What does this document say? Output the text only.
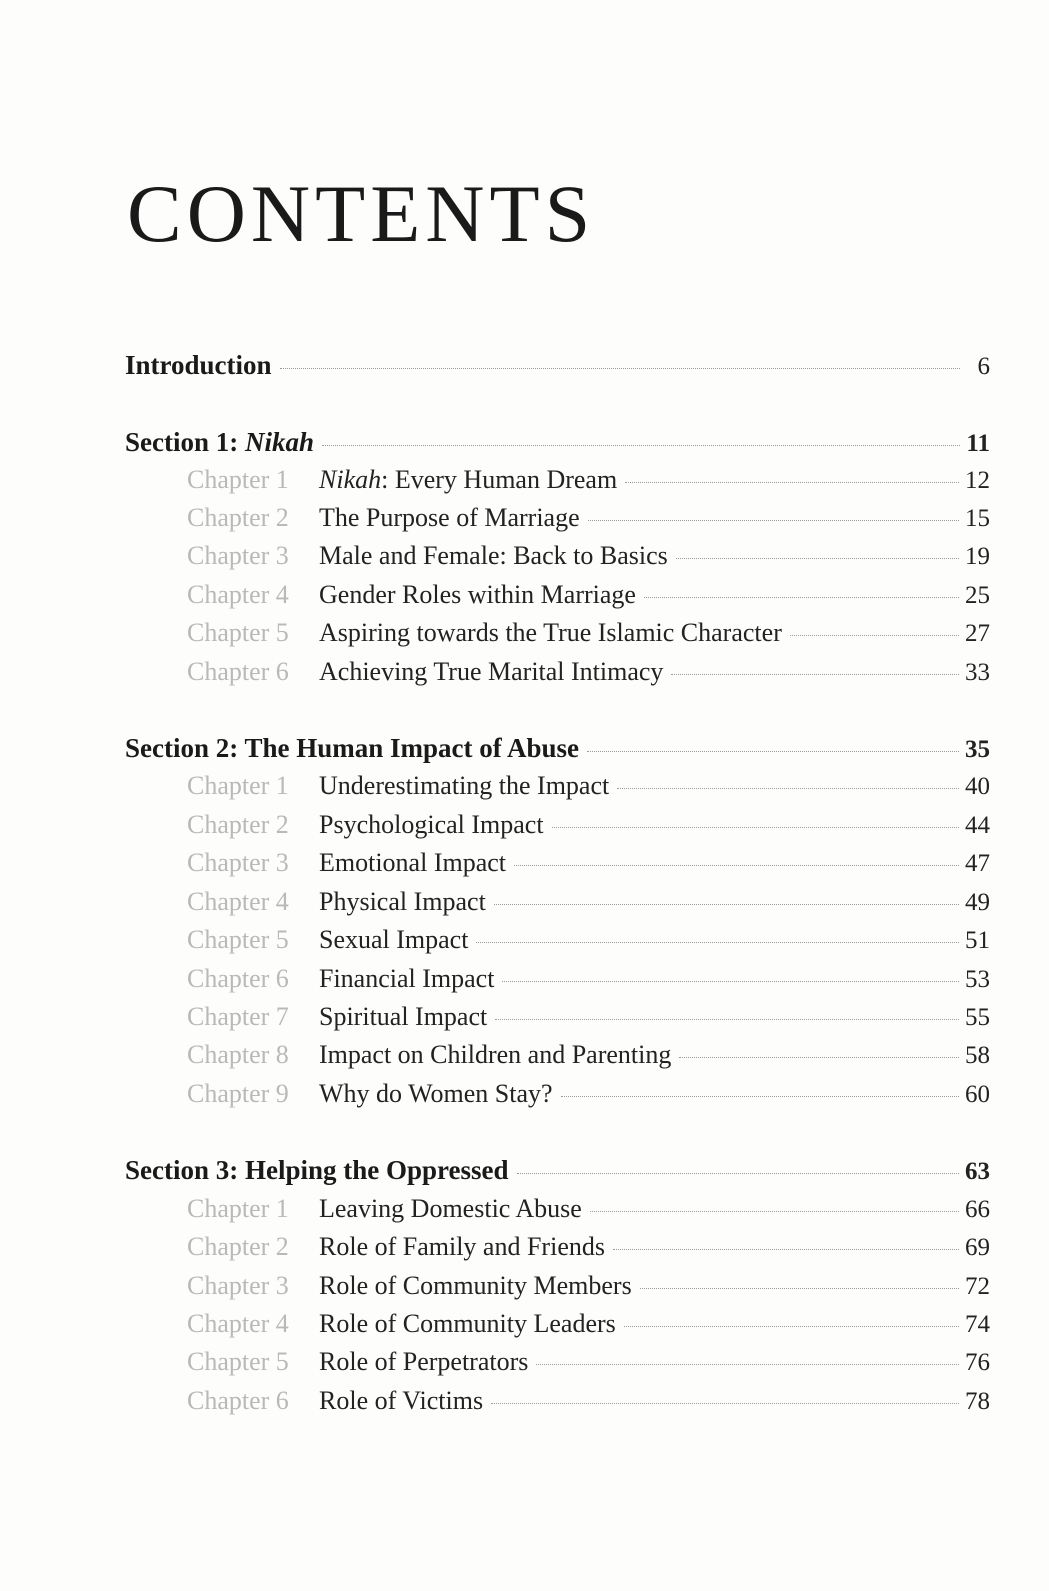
CONTENTS
Introduction	6
Section 1: Nikah	11
Chapter 1	Nikah: Every Human Dream	12
Chapter 2	The Purpose of Marriage	15
Chapter 3	Male and Female: Back to Basics	19
Chapter 4	Gender Roles within Marriage	25
Chapter 5	Aspiring towards the True Islamic Character	27
Chapter 6	Achieving True Marital Intimacy	33
Section 2: The Human Impact of Abuse	35
Chapter 1	Underestimating the Impact	40
Chapter 2	Psychological Impact	44
Chapter 3	Emotional Impact	47
Chapter 4	Physical Impact	49
Chapter 5	Sexual Impact	51
Chapter 6	Financial Impact	53
Chapter 7	Spiritual Impact	55
Chapter 8	Impact on Children and Parenting	58
Chapter 9	Why do Women Stay?	60
Section 3: Helping the Oppressed	63
Chapter 1	Leaving Domestic Abuse	66
Chapter 2	Role of Family and Friends	69
Chapter 3	Role of Community Members	72
Chapter 4	Role of Community Leaders	74
Chapter 5	Role of Perpetrators	76
Chapter 6	Role of Victims	78
